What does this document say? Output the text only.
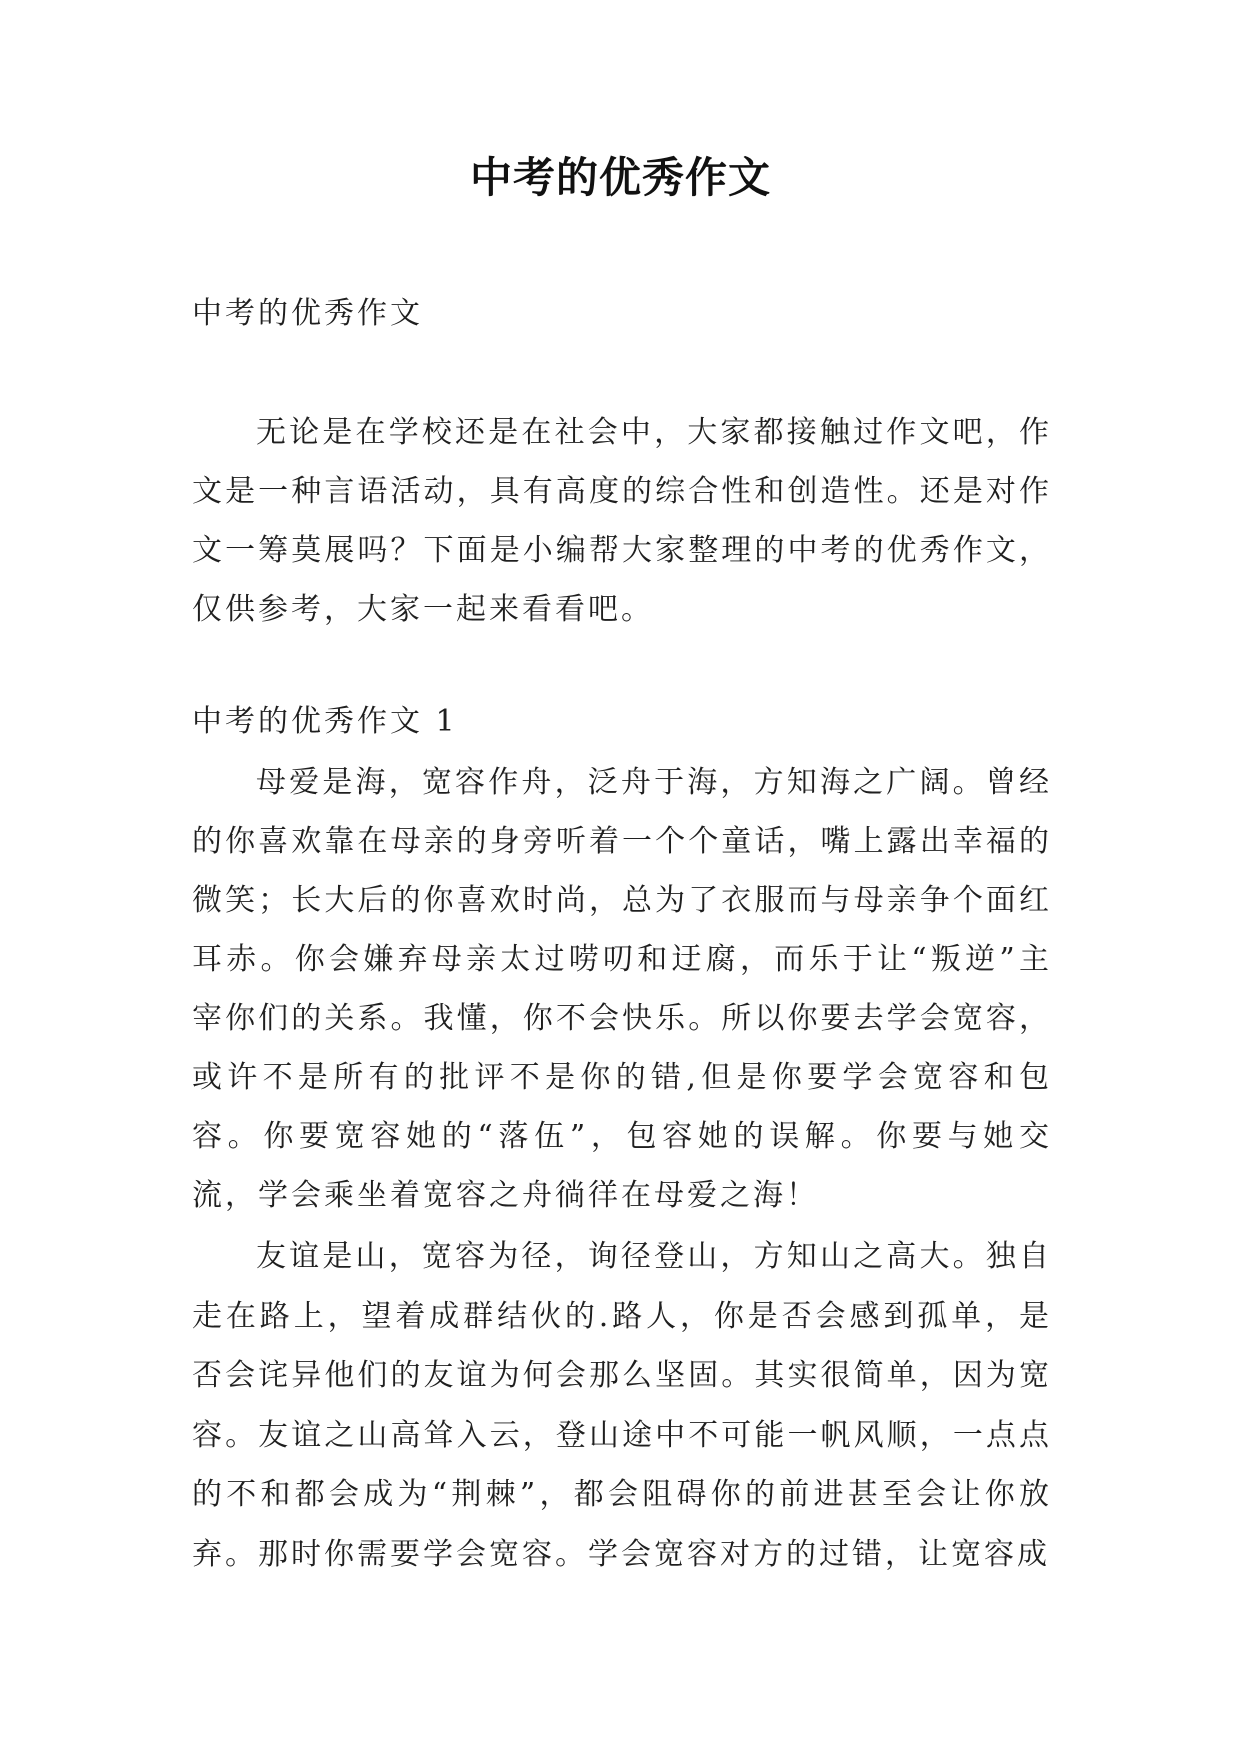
中考的优秀作文
中考的优秀作文

无论是在学校还是在社会中，大家都接触过作文吧，作文是一种言语活动，具有高度的综合性和创造性。还是对作文一筹莫展吗？下面是小编帮大家整理的中考的优秀作文，仅供参考，大家一起来看看吧。

中考的优秀作文 1

母爱是海，宽容作舟，泛舟于海，方知海之广阔。曾经的你喜欢靠在母亲的身旁听着一个个童话，嘴上露出幸福的微笑；长大后的你喜欢时尚，总为了衣服而与母亲争个面红耳赤。你会嫌弃母亲太过唠叨和迂腐，而乐于让“叛逆”主宰你们的关系。我懂，你不会快乐。所以你要去学会宽容，或许不是所有的批评不是你的错,但是你要学会宽容和包容。你要宽容她的“落伍”，包容她的误解。你要与她交流，学会乘坐着宽容之舟徜徉在母爱之海！

友谊是山，宽容为径，询径登山，方知山之高大。独自走在路上，望着成群结伙的.路人，你是否会感到孤单，是否会诧异他们的友谊为何会那么坚固。其实很简单，因为宽容。友谊之山高耸入云，登山途中不可能一帆风顺，一点点的不和都会成为“荆棘”，都会阻碍你的前进甚至会让你放弃。那时你需要学会宽容。学会宽容对方的过错，让宽容成
